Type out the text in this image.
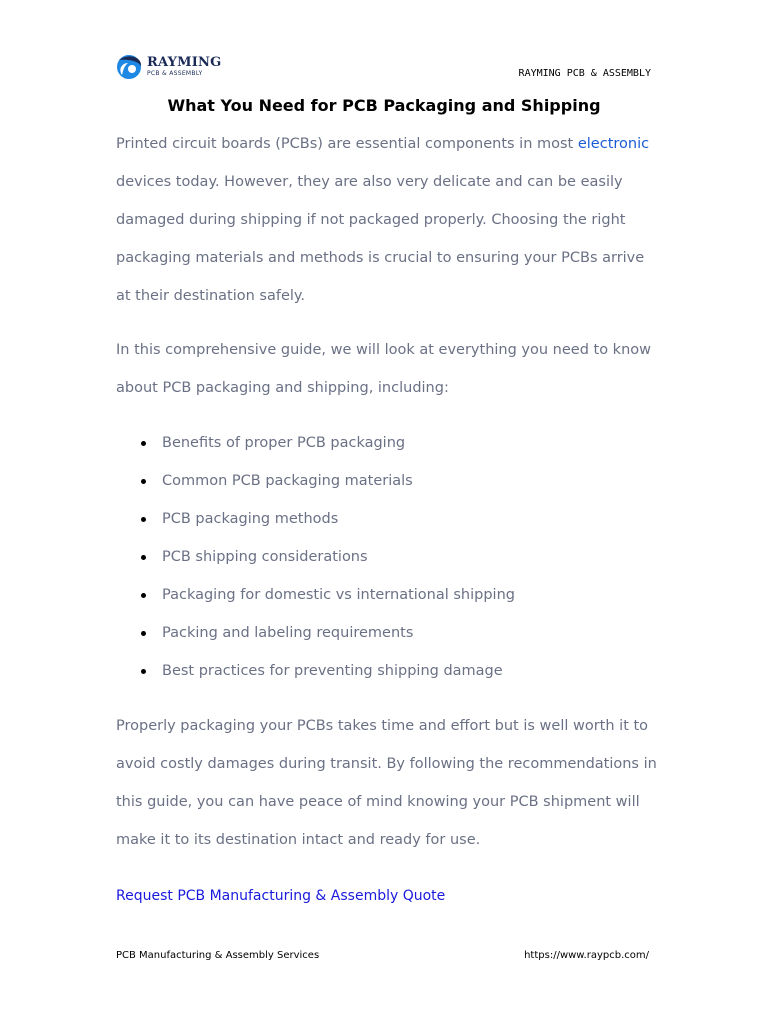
RAYMING
PCB & ASSEMBLY	RAYMING PCB & ASSEMBLY
What You Need for PCB Packaging and Shipping

Printed circuit boards (PCBs) are essential components in most electronic devices today. However, they are also very delicate and can be easily damaged during shipping if not packaged properly. Choosing the right packaging materials and methods is crucial to ensuring your PCBs arrive at their destination safely.

In this comprehensive guide, we will look at everything you need to know about PCB packaging and shipping, including:

Benefits of proper PCB packaging
Common PCB packaging materials
PCB packaging methods
PCB shipping considerations
Packaging for domestic vs international shipping
Packing and labeling requirements
Best practices for preventing shipping damage

Properly packaging your PCBs takes time and effort but is well worth it to avoid costly damages during transit. By following the recommendations in this guide, you can have peace of mind knowing your PCB shipment will make it to its destination intact and ready for use.

Request PCB Manufacturing & Assembly Quote
PCB Manufacturing & Assembly Services	https://www.raypcb.com/
